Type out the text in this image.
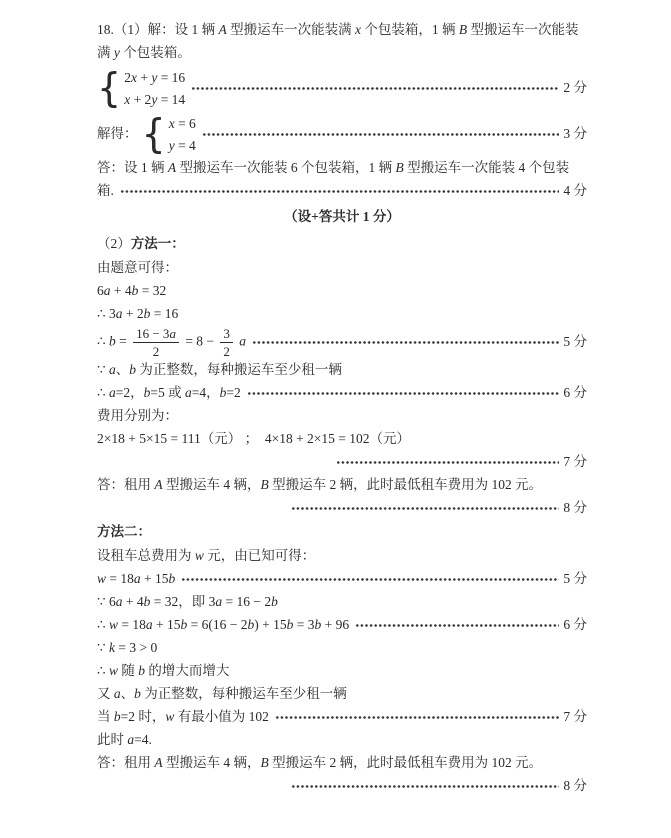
18.（1）解：设 1 辆 A 型搬运车一次能装满 x 个包装箱，1 辆 B 型搬运车一次能装
满 y 个包装箱。
{ 2x + y = 16
x + 2y = 14
2 分
解得： { x = 6
y = 4
3 分
答：设 1 辆 A 型搬运车一次能装 6 个包装箱，1 辆 B 型搬运车一次能装 4 个包装
箱.	4 分
（设+答共计 1 分）
（2）方法一：
由题意可得：
6a + 4b = 32
∴ 3a + 2b = 16
∴ $b = \frac{16 - 3a}{2} = 8 - \frac{3}{2}$ a	5 分
∵ a、b 为正整数，每种搬运车至少租一辆
∴ a=2，b=5 或 a=4，b=2	6 分
费用分别为：
2×18 + 5×15 = 111（元） ；  4×18 + 2×15 = 102（元）
7 分
答：租用 A 型搬运车 4 辆，B 型搬运车 2 辆，此时最低租车费用为 102 元。
8 分
方法二：
设租车总费用为 w 元，由已知可得：
w = 18a + 15b	5 分
∵ 6a + 4b = 32，即 3a = 16 − 2b
∴ w = 18a + 15b = 6(16 − 2b) + 15b = 3b + 96	6 分
∵ k = 3 > 0
∴ w 随 b 的增大而增大
又 a、b 为正整数，每种搬运车至少租一辆
当 b=2 时，w 有最小值为 102	7 分
此时 a=4.
答：租用 A 型搬运车 4 辆，B 型搬运车 2 辆，此时最低租车费用为 102 元。
8 分
